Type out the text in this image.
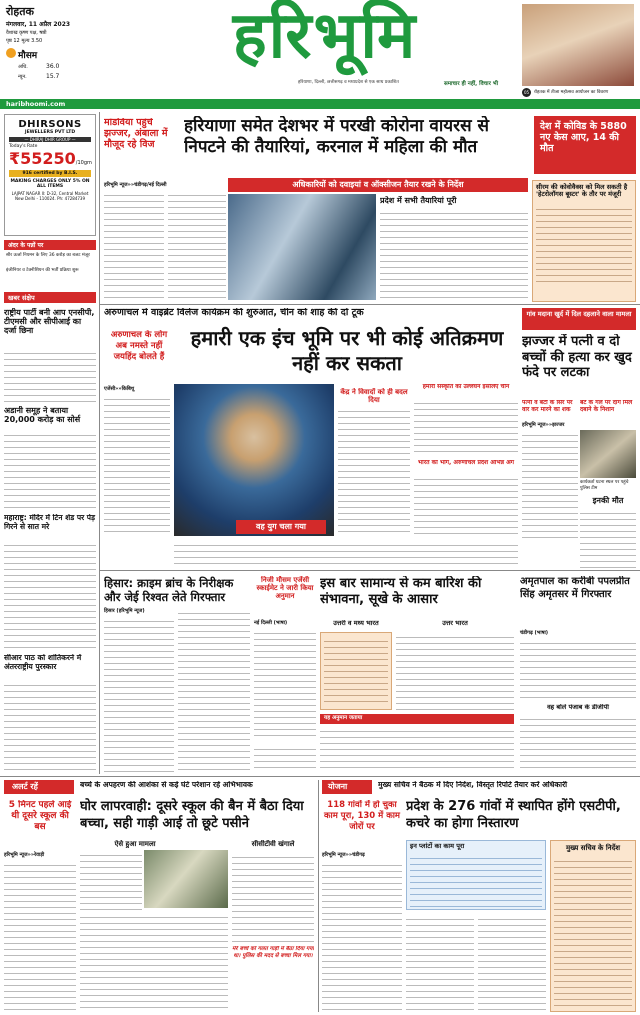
रोहतक
मंगलवार, 11 अप्रैल 2023
वैशाख कृष्ण पक्ष, षष्ठी
पृष्ठ 12 मूल्य 3.50
मौसम
अधि.	36.0
न्यून.	15.7
हरिभूमि
हरियाणा, दिल्ली, छत्तीसगढ़ व मध्यप्रदेश से एक साथ प्रकाशित	समाचार ही नहीं, विचार भी
05	रोहतक में तीजा महोत्सव आयोजन का विवरण
haribhoomi.com
DHIRSONS
JEWELLERS PVT LTD
— DHIRAJ DHIR GROUP —
Today's Rate
₹55250 /10gm
916 certified by B.I.S.
MAKING CHARGES ONLY 5% ON ALL ITEMS
LAJPAT NAGAR II: D-32, Central Market New Delhi - 110024. Ph: 47284739
अंदर के पन्नों पर
सौर ऊर्जा नियमन के लिए 36 करोड़ का बजट मंजूर
इंजीनियर व टेक्नीशियन की भर्ती प्रक्रिया शुरू
खबर संक्षेप
राष्ट्रीय पार्टी बनी आप एनसीपी, टीएमसी और सीपीआई का दर्जा छिना
अडानी समूह ने बताया 20,000 करोड़ का सोर्स
महाराष्ट्र: मंदिर में टिन शेड पर पेड़ गिरने से सात मरे
सीआर पाठ को शांतिकरने में अंतरराष्ट्रीय पुरस्कार
मांडविया पहुंचे झज्जर, अंबाला में मौजूद रहे विज
हरियाणा समेत देशभर में परखी कोरोना वायरस से निपटने की तैयारियां, करनाल में महिला की मौत
देश में कोविड के 5880 नए केस आए, 14 की मौत
हरिभूमि न्यूज»»चंडीगढ़/नई दिल्ली	अधिकारियों को दवाइयां व ऑक्सीजन तैयार रखने के निर्देश
प्रदेश में सभी तैयारियां पूरी
सीरम की कोवोवैक्स को मिल सकती है 'हेटरोलॉगस बूस्टर' के तौर पर मंजूरी
अरुणाचल में वाइब्रेंट विलेज कार्यक्रम की शुरुआत, चीन को शाह की दो टूक
अरुणाचल के लोग अब नमस्ते नहीं जयहिंद बोलते हैं
हमारी एक इंच भूमि पर भी कोई अतिक्रमण नहीं कर सकता
एजेंसी»»किबिथू
वह युग चला गया
केंद्र ने विवादों को ही बदल दिया
हमारी संस्कृति का उल्लंघन इसलिए चीन
भारत का भाग, अरुणाचल प्रदेश अभिन्न अंग
गांव मदाना खुर्द में दिल दहलाने वाला मामला
झज्जर में पत्नी व दो बच्चों की हत्या कर खुद फंदे पर लटका
पत्नी व बेटी के सिर पर वार कर मारने का शक
बेटे के गले पर दाग मिले दबाने के निशान
हरिभूमि न्यूज»»झज्जर
कार्यकर्ता घटना स्थल पर पहुंचे पुलिस टीम
इनकी मौत
हिसार: क्राइम ब्रांच के निरीक्षक और जेई रिश्वत लेते गिरफ्तार
हिसार (हरिभूमि न्यूज)
निजी मौसम एजेंसी स्काईमेट ने जारी किया अनुमान
इस बार सामान्य से कम बारिश की संभावना, सूखे के आसार
नई दिल्ली (भाषा)	उत्तरी व मध्य भारत	उत्तर भारत
यह अनुमान जताया
अमृतपाल का करीबी पपलप्रीत सिंह अमृतसर में गिरफ्तार
चंडीगढ़ (भाषा)
वह बोले पंजाब के डीजीपी
अलर्ट रहें	बच्चे के अपहरण की आशंका से कई घंटे परेशान रहे अभिभावक
5 मिनट पहले आई थी दूसरे स्कूल की बस
घोर लापरवाही: दूसरे स्कूल की बैन में बैठा दिया बच्चा, सही गाड़ी आई तो छूटे पसीने
हरिभूमि न्यूज»»रेवाड़ी
ऐसे हुआ मामला	सीसीटीवी खंगाले
मेरे बच्चे को गलत गाड़ी में बैठा दिया गया था। पुलिस की मदद से बच्चा मिल गया।
योजना	मुख्य सचिव ने बैठक में दिए निर्देश, विस्तृत रिपोर्ट तैयार करें अधिकारी
118 गांवों में हो चुका काम पूरा, 130 में काम जोरों पर
प्रदेश के 276 गांवों में स्थापित होंगे एसटीपी, कचरे का होगा निस्तारण
हरिभूमि न्यूज»»चंडीगढ़
इन प्लांटों का काम पूरा	मुख्य सचिव के निर्देश
